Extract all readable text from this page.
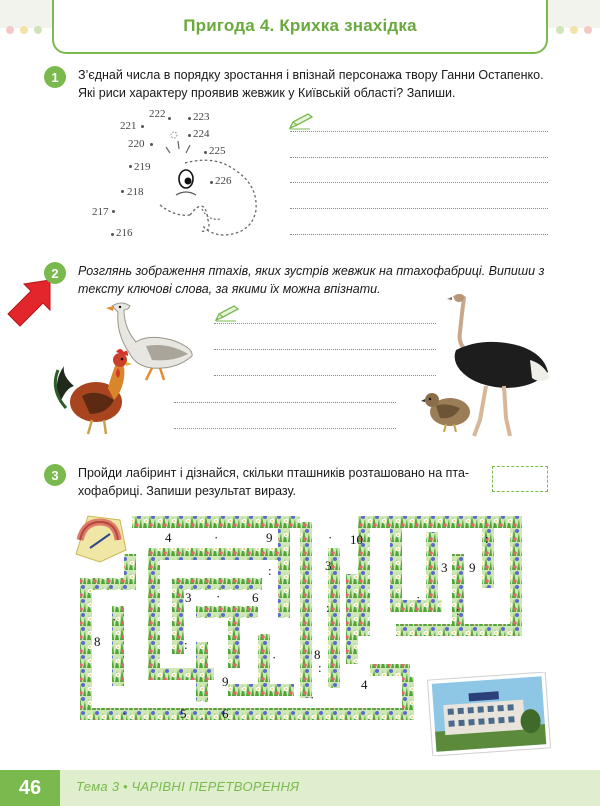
Пригода 4. Крихка знахідка
1	З’єднай числа в порядку зростання і впізнай персонажа твору Ганни Остапенко. Які риси характеру проявив жевжик у Київській області? Запиши.
216
217
218
219
220
221
222	223
224
225
226
2	Розглянь зображення птахів, яких зустрів жевжик на птахофабриці. Випиши з тексту ключові слова, за якими їх можна впізнати.
3	Пройди лабіринт і дізнайся, скільки пташників розташовано на пта- хофабриці. Запиши результат виразу.
4	9	10
3
3	6
3 9
8
8
9	4
5	6
·	:
·
:
·
:
·
:
·
:
·
·
:
·	·
46	Тема 3 • ЧАРІВНІ ПЕРЕТВОРЕННЯ
